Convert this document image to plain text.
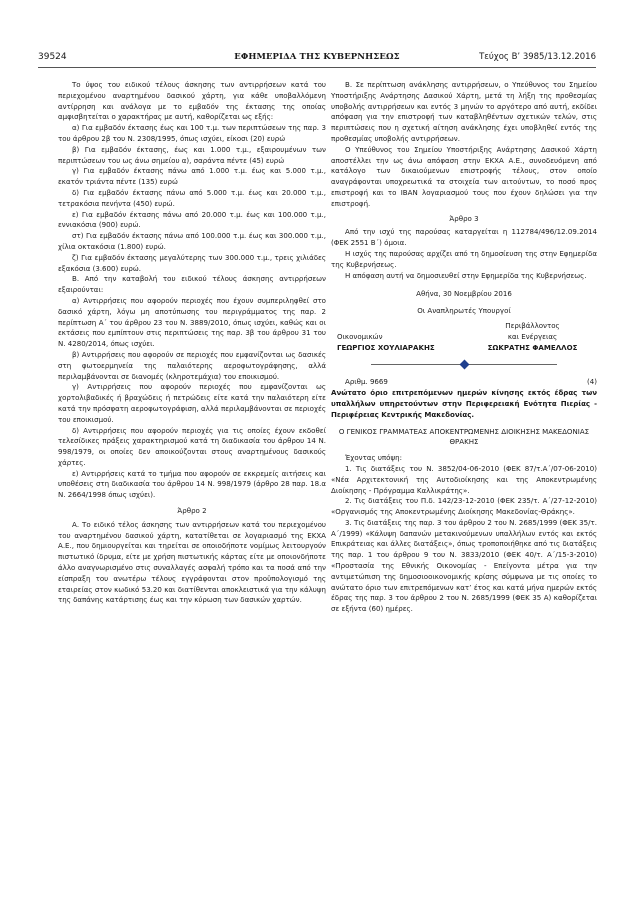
39524	ΕΦΗΜΕΡΙΔΑ ΤΗΣ ΚΥΒΕΡΝΗΣΕΩΣ	Τεύχος Β’ 3985/13.12.2016

Το ύψος του ειδικού τέλους άσκησης των αντιρρήσεων κατά του περιεχομένου αναρτημένου δασικού χάρτη, για κάθε υποβαλλόμενη αντίρρηση και ανάλογα με το εμβαδόν της έκτασης της οποίας αμφισβητείται ο χαρακτήρας με αυτή, καθορίζεται ως εξής:

α) Για εμβαδόν έκτασης έως και 100 τ.μ. των περιπτώσεων της παρ. 3 του άρθρου 2β του Ν. 2308/1995, όπως ισχύει, είκοσι (20) ευρώ

β) Για εμβαδόν έκτασης, έως και 1.000 τ.μ., εξαιρουμένων των περιπτώσεων του ως άνω σημείου α), σαράντα πέντε (45) ευρώ

γ) Για εμβαδόν έκτασης πάνω από 1.000 τ.μ. έως και 5.000 τ.μ., εκατόν τριάντα πέντε (135) ευρώ

δ) Για εμβαδόν έκτασης πάνω από 5.000 τ.μ. έως και 20.000 τ.μ., τετρακόσια πενήντα (450) ευρώ.

ε) Για εμβαδόν έκτασης πάνω από 20.000 τ.μ. έως και 100.000 τ.μ., εννιακόσια (900) ευρώ.

στ) Για εμβαδόν έκτασης πάνω από 100.000 τ.μ. έως και 300.000 τ.μ., χίλια οκτακόσια (1.800) ευρώ.

ζ) Για εμβαδόν έκτασης μεγαλύτερης των 300.000 τ.μ., τρεις χιλιάδες εξακόσια (3.600) ευρώ.

Β. Από την καταβολή του ειδικού τέλους άσκησης αντιρρήσεων εξαιρούνται:

α) Αντιρρήσεις που αφορούν περιοχές που έχουν συμπεριληφθεί στο δασικό χάρτη, λόγω μη αποτύπωσης του περιγράμματος της παρ. 2 περίπτωση Α΄ του άρθρου 23 του Ν. 3889/2010, όπως ισχύει, καθώς και οι εκτάσεις που εμπίπτουν στις περιπτώσεις της παρ. 3β του άρθρου 31 του Ν. 4280/2014, όπως ισχύει.

β) Αντιρρήσεις που αφορούν σε περιοχές που εμφανίζονται ως δασικές στη φωτοερμηνεία της παλαιότερης αεροφωτογράφησης, αλλά περιλαμβάνονται σε διανομές (κληροτεμάχια) του εποικισμού.

γ) Αντιρρήσεις που αφορούν περιοχές που εμφανίζονται ως χορτολιβαδικές ή βραχώδεις ή πετρώδεις είτε κατά την παλαιότερη είτε κατά την πρόσφατη αεροφωτογράφιση, αλλά περιλαμβάνονται σε περιοχές του εποικισμού.

δ) Αντιρρήσεις που αφορούν περιοχές για τις οποίες έχουν εκδοθεί τελεσίδικες πράξεις χαρακτηρισμού κατά τη διαδικασία του άρθρου 14 Ν. 998/1979, οι οποίες δεν αποικούζονται στους αναρτημένους δασικούς χάρτες.

ε) Αντιρρήσεις κατά το τμήμα που αφορούν σε εκκρεμείς αιτήσεις και υποθέσεις στη διαδικασία του άρθρου 14 Ν. 998/1979 (άρθρο 28 παρ. 18.α Ν. 2664/1998 όπως ισχύει).

Άρθρο 2

Α. Το ειδικό τέλος άσκησης των αντιρρήσεων κατά του περιεχομένου του αναρτημένου δασικού χάρτη, κατατίθεται σε λογαριασμό της ΕΚΧΑ Α.Ε., που δημιουργείται και τηρείται σε οποιοδήποτε νομίμως λειτουργούν πιστωτικό ίδρυμα, είτε με χρήση πιστωτικής κάρτας είτε με οποιονδήποτε άλλο αναγνωρισμένο στις συναλλαγές ασφαλή τρόπο και τα ποσά από την είσπραξη του ανωτέρω τέλους εγγράφονται στον προϋπολογισμό της εταιρείας στον κωδικό 53.20 και διατίθενται αποκλειστικά για την κάλυψη της δαπάνης κατάρτισης έως και την κύρωση των δασικών χαρτών.

Β. Σε περίπτωση ανάκλησης αντιρρήσεων, ο Υπεύθυνος του Σημείου Υποστήριξης Ανάρτησης Δασικού Χάρτη, μετά τη λήξη της προθεσμίας υποβολής αντιρρήσεων και εντός 3 μηνών το αργότερο από αυτή, εκδίδει απόφαση για την επιστροφή των καταβληθέντων σχετικών τελών, στις περιπτώσεις που η σχετική αίτηση ανάκλησης έχει υποβληθεί εντός της προθεσμίας υποβολής αντιρρήσεων.

Ο Υπεύθυνος του Σημείου Υποστήριξης Ανάρτησης Δασικού Χάρτη αποστέλλει την ως άνω απόφαση στην ΕΚΧΑ Α.Ε., συνοδευόμενη από κατάλογο των δικαιούμενων επιστροφής τέλους, στον οποίο αναγράφονται υποχρεωτικά τα στοιχεία των αιτούντων, το ποσό προς επιστροφή και το IBAN λογαριασμού τους που έχουν δηλώσει για την επιστροφή.

Άρθρο 3

Από την ισχύ της παρούσας καταργείται η 112784/496/12.09.2014 (ΦΕΚ 2551 Β΄) όμοια.

Η ισχύς της παρούσας αρχίζει από τη δημοσίευση της στην Εφημερίδα της Κυβερνήσεως.

Η απόφαση αυτή να δημοσιευθεί στην Εφημερίδα της Κυβερνήσεως.

Αθήνα, 30 Νοεμβρίου 2016

Οι Αναπληρωτές Υπουργοί

Οικονομικών

ΓΕΩΡΓΙΟΣ ΧΟΥΛΙΑΡΑΚΗΣ

Περιβάλλοντος

και Ενέργειας

ΣΩΚΡΑΤΗΣ ΦΑΜΕΛΛΟΣ

Αριθμ. 9669	(4)

Ανώτατο όριο επιτρεπόμενων ημερών κίνησης εκτός έδρας των υπαλλήλων υπηρετούντων στην Περιφερειακή Ενότητα Πιερίας - Περιφέρειας Κεντρικής Μακεδονίας.

Ο ΓΕΝΙΚΟΣ ΓΡΑΜΜΑΤΕΑΣ ΑΠΟΚΕΝΤΡΩΜΕΝΗΣ ΔΙΟΙΚΗΣΗΣ ΜΑΚΕΔΟΝΙΑΣ ΘΡΑΚΗΣ

Έχοντας υπόψη:

1. Τις διατάξεις του Ν. 3852/04-06-2010 (ΦΕΚ 87/τ.Α΄/07-06-2010) «Νέα Αρχιτεκτονική της Αυτοδιοίκησης και της Αποκεντρωμένης Διοίκησης - Πρόγραμμα Καλλικράτης».

2. Τις διατάξεις του Π.δ. 142/23-12-2010 (ΦΕΚ 235/τ. Α΄/27-12-2010) «Οργανισμός της Αποκεντρωμένης Διοίκησης Μακεδονίας-Θράκης».

3. Τις διατάξεις της παρ. 3 του άρθρου 2 του Ν. 2685/1999 (ΦΕΚ 35/τ. Α΄/1999) «Κάλυψη δαπανών μετακινούμενων υπαλλήλων εντός και εκτός Επικράτειας και άλλες διατάξεις», όπως τροποποιήθηκε από τις διατάξεις της παρ. 1 του άρθρου 9 του Ν. 3833/2010 (ΦΕΚ 40/τ. Α΄/15-3-2010) «Προστασία της Εθνικής Οικονομίας - Επείγοντα μέτρα για την αντιμετώπιση της δημοσιοοικονομικής κρίσης σύμφωνα με τις οποίες το ανώτατο όριο των επιτρεπόμενων κατ’ έτος και κατά μήνα ημερών εκτός έδρας της παρ. 3 του άρθρου 2 του Ν. 2685/1999 (ΦΕΚ 35 Α) καθορίζεται σε εξήντα (60) ημέρες.
